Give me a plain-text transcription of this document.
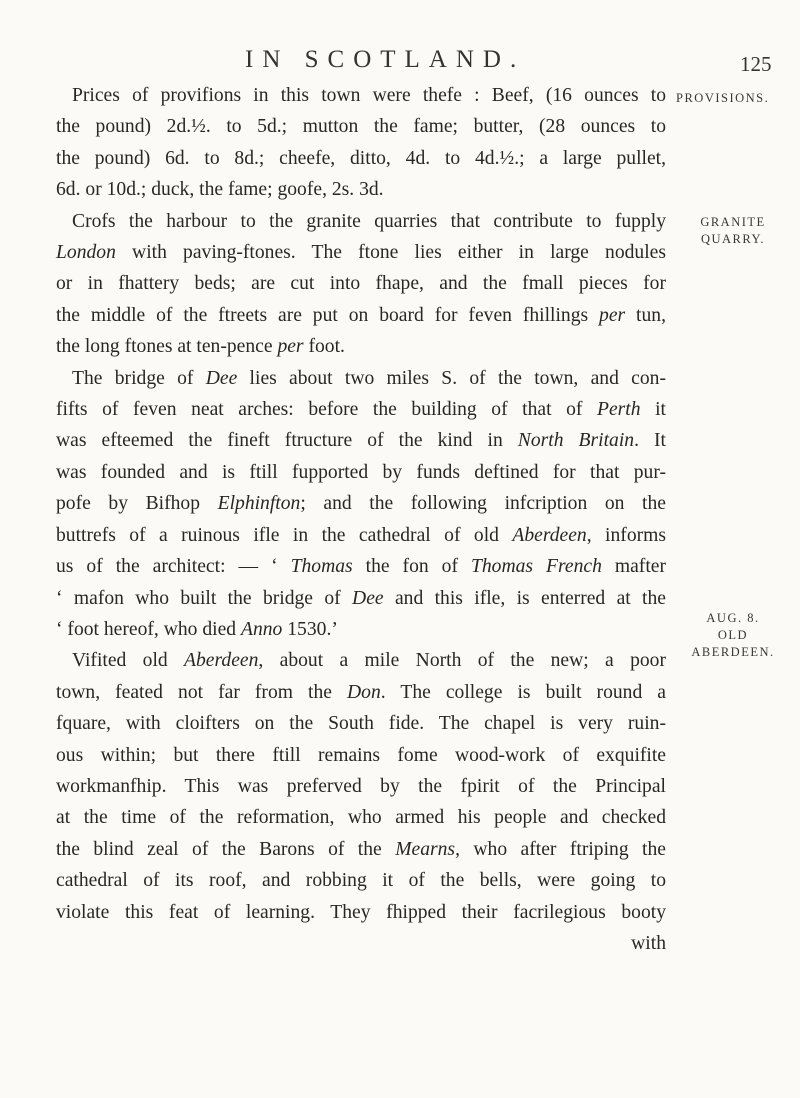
IN SCOTLAND.	125
PROVISIONS.
GRANITE
QUARRY.
AUG. 8.
OLD
ABERDEEN.
Prices of provifions in this town were thefe : Beef, (16 ounces to
the pound) 2d.½. to 5d.; mutton the fame; butter, (28 ounces to
the pound) 6d. to 8d.; cheefe, ditto, 4d. to 4d.½.; a large pullet,
6d. or 10d.; duck, the fame; goofe, 2s. 3d.
Crofs the harbour to the granite quarries that contribute to fupply
London with paving-ftones. The ftone lies either in large nodules
or in fhattery beds; are cut into fhape, and the fmall pieces for
the middle of the ftreets are put on board for feven fhillings per tun,
the long ftones at ten-pence per foot.
The bridge of Dee lies about two miles S. of the town, and con-
fifts of feven neat arches: before the building of that of Perth it
was efteemed the fineft ftructure of the kind in North Britain. It
was founded and is ftill fupported by funds deftined for that pur-
pofe by Bifhop Elphinfton; and the following infcription on the
buttrefs of a ruinous ifle in the cathedral of old Aberdeen, informs
us of the architect: — ‘ Thomas the fon of Thomas French mafter
‘ mafon who built the bridge of Dee and this ifle, is enterred at the
‘ foot hereof, who died Anno 1530.’
Vifited old Aberdeen, about a mile North of the new; a poor
town, feated not far from the Don. The college is built round a
fquare, with cloifters on the South fide. The chapel is very ruin-
ous within; but there ftill remains fome wood-work of exquifite
workmanfhip. This was preferved by the fpirit of the Principal
at the time of the reformation, who armed his people and checked
the blind zeal of the Barons of the Mearns, who after ftriping the
cathedral of its roof, and robbing it of the bells, were going to
violate this feat of learning. They fhipped their facrilegious booty
with
